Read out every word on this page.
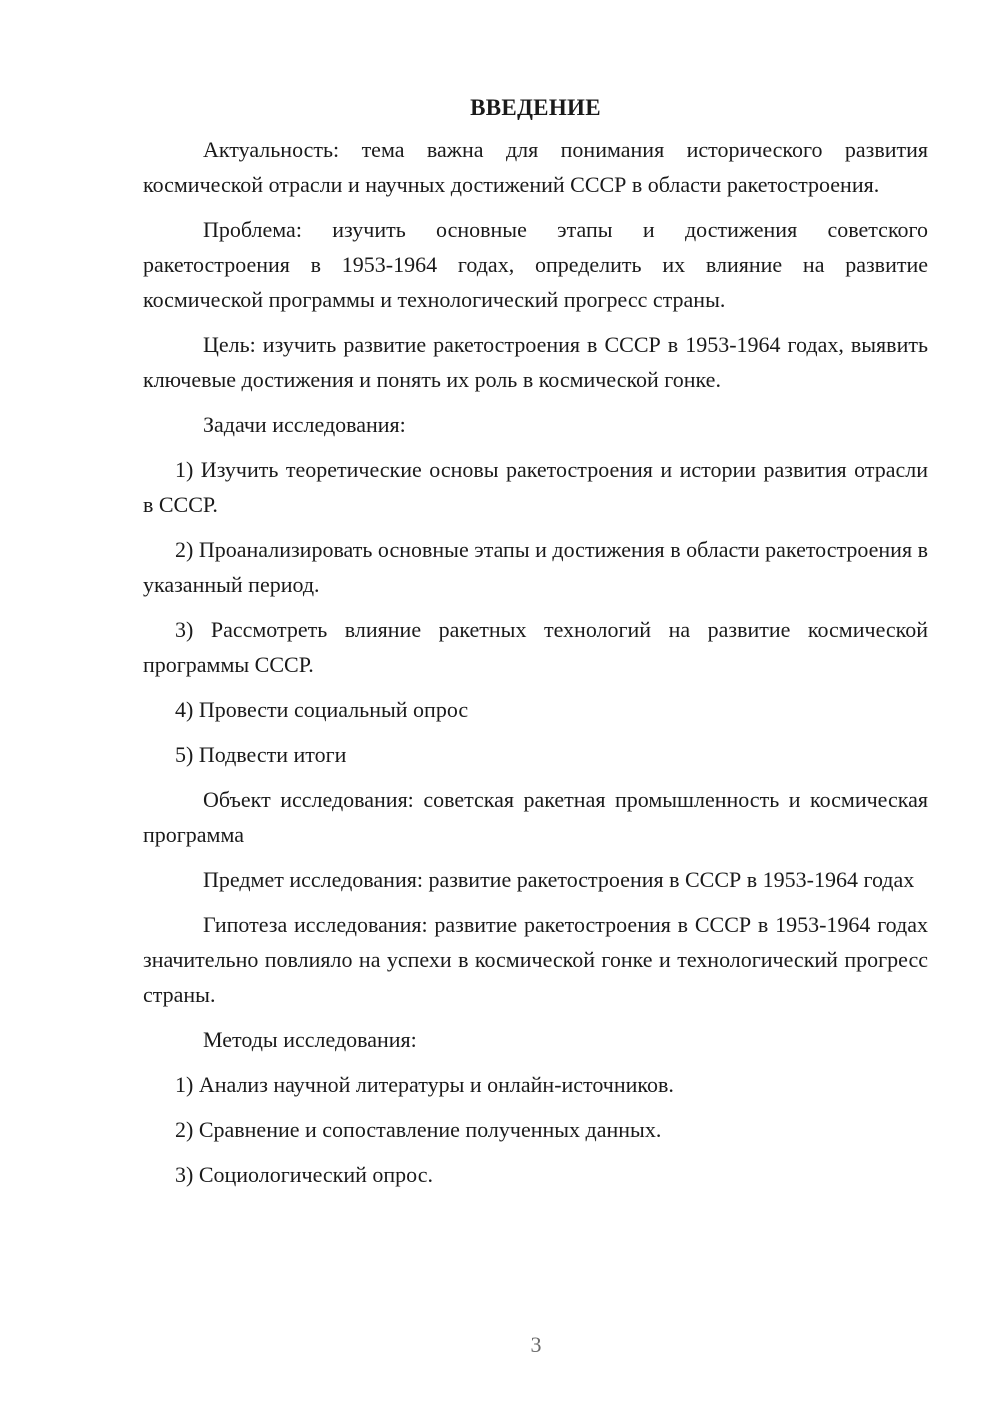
ВВЕДЕНИЕ

Актуальность: тема важна для понимания исторического развития космической отрасли и научных достижений СССР в области ракетостроения.

Проблема: изучить основные этапы и достижения советского ракетостроения в 1953-1964 годах, определить их влияние на развитие космической программы и технологический прогресс страны.

Цель: изучить развитие ракетостроения в СССР в 1953-1964 годах, выявить ключевые достижения и понять их роль в космической гонке.

Задачи исследования:

1) Изучить теоретические основы ракетостроения и истории развития отрасли в СССР.

2) Проанализировать основные этапы и достижения в области ракетостроения в указанный период.

3) Рассмотреть влияние ракетных технологий на развитие космической программы СССР.

4) Провести социальный опрос

5) Подвести итоги

Объект исследования: советская ракетная промышленность и космическая программа

Предмет исследования: развитие ракетостроения в СССР в 1953-1964 годах

Гипотеза исследования: развитие ракетостроения в СССР в 1953-1964 годах значительно повлияло на успехи в космической гонке и технологический прогресс страны.

Методы исследования:

1) Анализ научной литературы и онлайн-источников.

2) Сравнение и сопоставление полученных данных.

3) Социологический опрос.

3
